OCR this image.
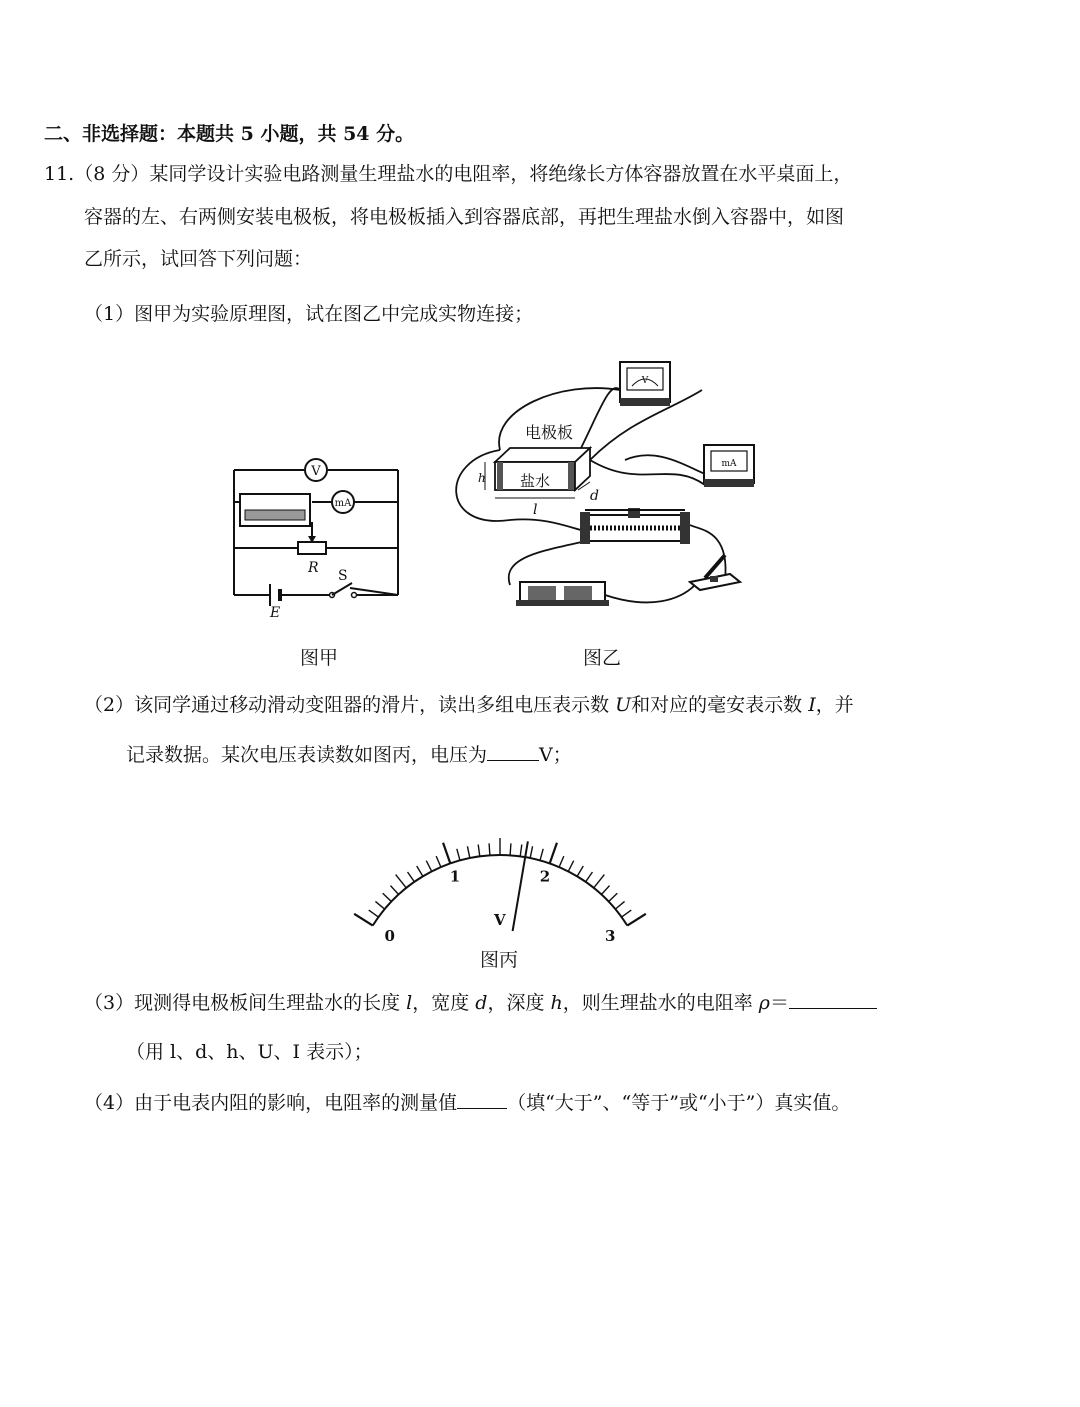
二、非选择题：本题共 5 小题，共 54 分。
11.（8 分）某同学设计实验电路测量生理盐水的电阻率，将绝缘长方体容器放置在水平桌面上，
容器的左、右两侧安装电极板，将电极板插入到容器底部，再把生理盐水倒入容器中，如图
乙所示，试回答下列问题：
（1）图甲为实验原理图，试在图乙中完成实物连接；
V
mA
R S
E
图甲
V
mA
电极板
盐水
h
l
d
图乙
（2）该同学通过移动滑动变阻器的滑片，读出多组电压表示数 U和对应的毫安表示数 I，并
记录数据。某次电压表读数如图丙，电压为	V；
0
1	2
3
V
图丙
（3）现测得电极板间生理盐水的长度 l，宽度 d，深度 h，则生理盐水的电阻率 ρ＝
（用 l、d、h、U、I 表示）；
（4）由于电表内阻的影响，电阻率的测量值	（填“大于”、“等于”或“小于”）真实值。
